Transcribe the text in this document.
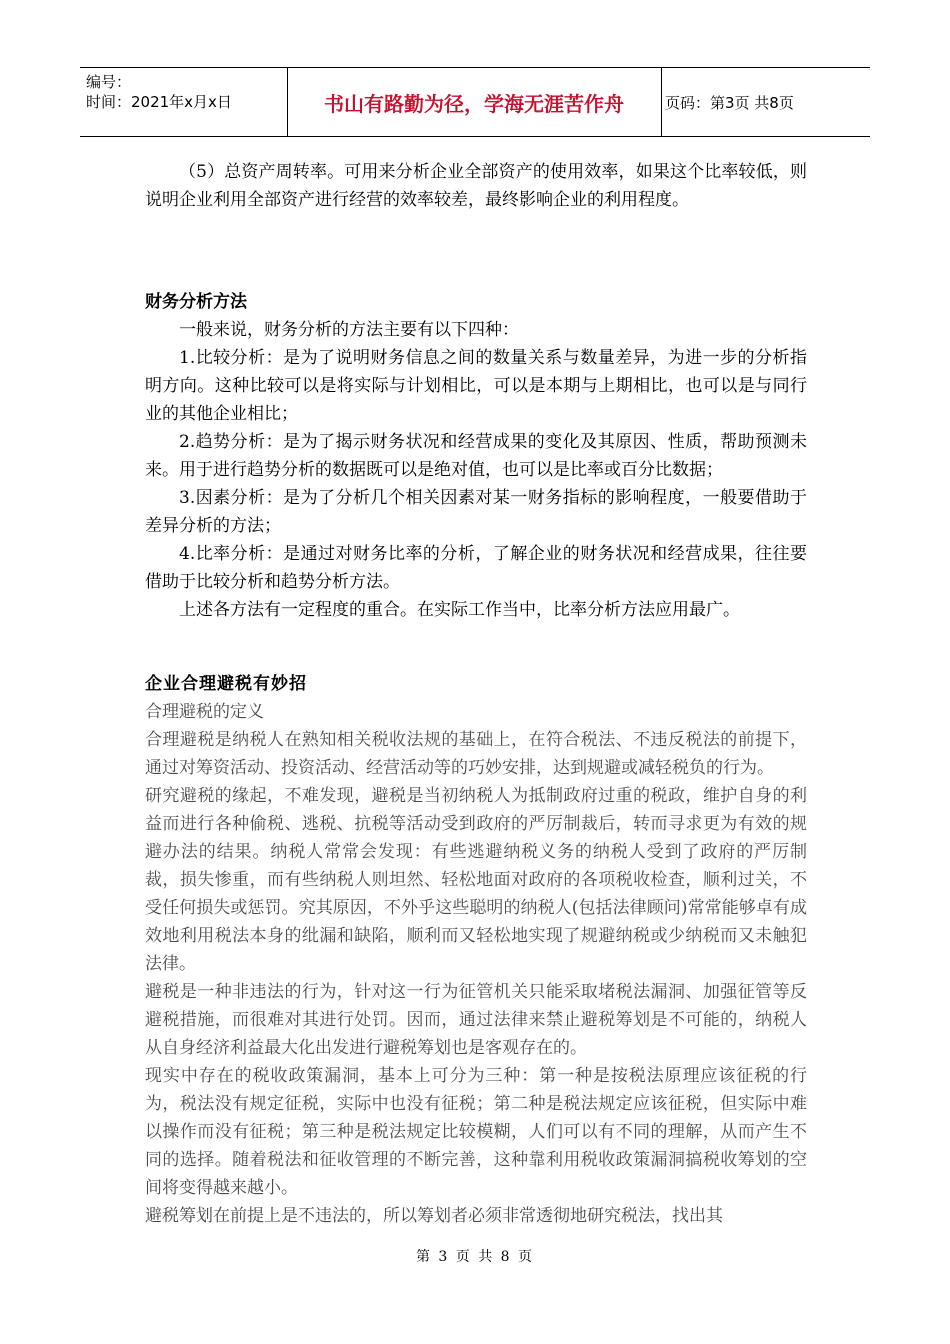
编号：
时间：2021年x月x日	书山有路勤为径，学海无涯苦作舟	页码：第3页 共8页

（5）总资产周转率。可用来分析企业全部资产的使用效率，如果这个比率较低，则说明企业利用全部资产进行经营的效率较差，最终影响企业的利用程度。

财务分析方法

一般来说，财务分析的方法主要有以下四种：

1.比较分析：是为了说明财务信息之间的数量关系与数量差异，为进一步的分析指明方向。这种比较可以是将实际与计划相比，可以是本期与上期相比，也可以是与同行业的其他企业相比；

2.趋势分析：是为了揭示财务状况和经营成果的变化及其原因、性质，帮助预测未来。用于进行趋势分析的数据既可以是绝对值，也可以是比率或百分比数据；

3.因素分析：是为了分析几个相关因素对某一财务指标的影响程度，一般要借助于差异分析的方法；

4.比率分析：是通过对财务比率的分析，了解企业的财务状况和经营成果，往往要借助于比较分析和趋势分析方法。

上述各方法有一定程度的重合。在实际工作当中，比率分析方法应用最广。

企业合理避税有妙招

合理避税的定义

合理避税是纳税人在熟知相关税收法规的基础上，在符合税法、不违反税法的前提下，通过对筹资活动、投资活动、经营活动等的巧妙安排，达到规避或减轻税负的行为。

研究避税的缘起，不难发现，避税是当初纳税人为抵制政府过重的税政，维护自身的利益而进行各种偷税、逃税、抗税等活动受到政府的严厉制裁后，转而寻求更为有效的规避办法的结果。纳税人常常会发现：有些逃避纳税义务的纳税人受到了政府的严厉制裁，损失惨重，而有些纳税人则坦然、轻松地面对政府的各项税收检查，顺利过关，不受任何损失或惩罚。究其原因，不外乎这些聪明的纳税人(包括法律顾问)常常能够卓有成效地利用税法本身的纰漏和缺陷，顺利而又轻松地实现了规避纳税或少纳税而又未触犯法律。

避税是一种非违法的行为，针对这一行为征管机关只能采取堵税法漏洞、加强征管等反避税措施，而很难对其进行处罚。因而，通过法律来禁止避税筹划是不可能的，纳税人从自身经济利益最大化出发进行避税筹划也是客观存在的。

现实中存在的税收政策漏洞，基本上可分为三种：第一种是按税法原理应该征税的行为，税法没有规定征税，实际中也没有征税；第二种是税法规定应该征税，但实际中难以操作而没有征税；第三种是税法规定比较模糊，人们可以有不同的理解，从而产生不同的选择。随着税法和征收管理的不断完善，这种靠利用税收政策漏洞搞税收筹划的空间将变得越来越小。

避税筹划在前提上是不违法的，所以筹划者必须非常透彻地研究税法，找出其

第 3 页 共 8 页
